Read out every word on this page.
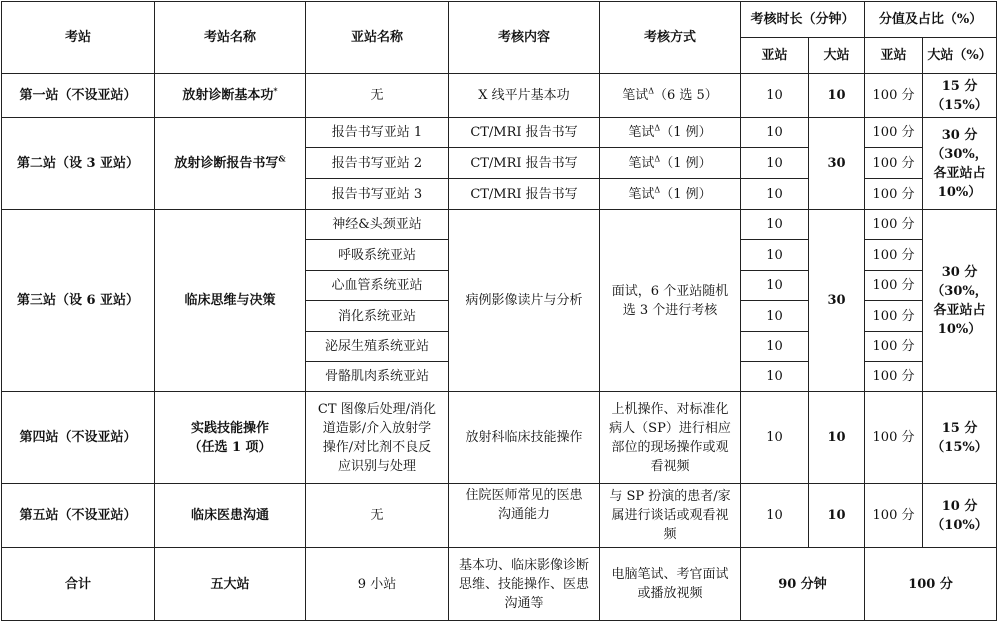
考站	考站名称	亚站名称	考核内容	考核方式	考核时长（分钟）		分值及占比（%）	
					亚站	大站	亚站	大站（%）
第一站（不设亚站）	放射诊断基本功*	无	X 线平片基本功	笔试$^\Delta$（6 选 5）	10	10	100 分	15 分
（15%）
第二站（设 3 亚站）	放射诊断报告书写&	报告书写亚站 1	CT/MRI 报告书写	笔试$^\Delta$（1 例）	10	30	100 分	30 分
（30%，
各亚站占
10%）
		报告书写亚站 2	CT/MRI 报告书写	笔试$^\Delta$（1 例）	10		100 分	
		报告书写亚站 3	CT/MRI 报告书写	笔试$^\Delta$（1 例）	10		100 分	
第三站（设 6 亚站）	临床思维与决策	神经&头颈亚站	病例影像读片与分析	面试，6 个亚站随机
选 3 个进行考核	10	30	100 分	30 分
（30%，
各亚站占
10%）
		呼吸系统亚站			10		100 分	
		心血管系统亚站			10		100 分	
		消化系统亚站			10		100 分	
		泌尿生殖系统亚站			10		100 分	
		骨骼肌肉系统亚站			10		100 分	
第四站（不设亚站）	实践技能操作
（任选 1 项）	CT 图像后处理/消化
道造影/介入放射学
操作/对比剂不良反
应识别与处理	放射科临床技能操作	上机操作、对标准化
病人（SP）进行相应
部位的现场操作或观
看视频	10	10	100 分	15 分
（15%）
第五站（不设亚站）	临床医患沟通	无	住院医师常见的医患
沟通能力	与 SP 扮演的患者/家
属进行谈话或观看视
频	10	10	100 分	10 分
（10%）
合计	五大站	9 小站	基本功、临床影像诊断
思维、技能操作、医患
沟通等	电脑笔试、考官面试
或播放视频	90 分钟		100 分	
